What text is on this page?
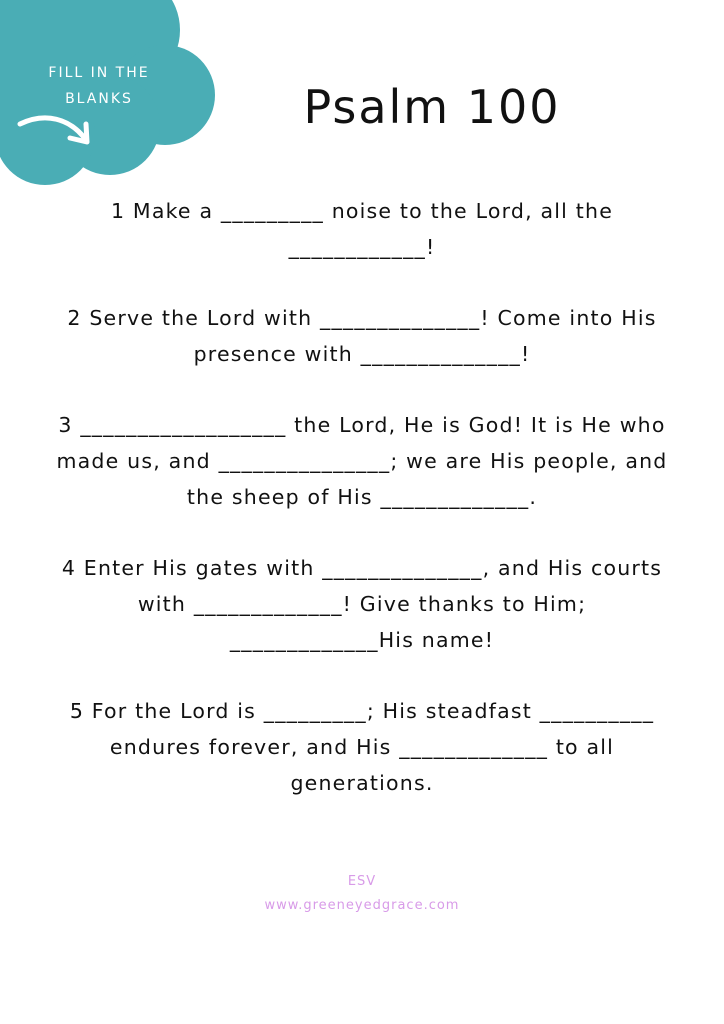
FILL IN THE
BLANKS	Psalm 100

1 Make a _________ noise to the Lord, all the ____________!

2 Serve the Lord with ______________! Come into His presence with ______________!

3 __________________ the Lord, He is God! It is He who made us, and _______________; we are His people, and the sheep of His _____________.

4 Enter His gates with ______________, and His courts with _____________! Give thanks to Him; _____________His name!

5 For the Lord is _________; His steadfast __________ endures forever, and His _____________ to all generations.

ESV
www.greeneyedgrace.com
